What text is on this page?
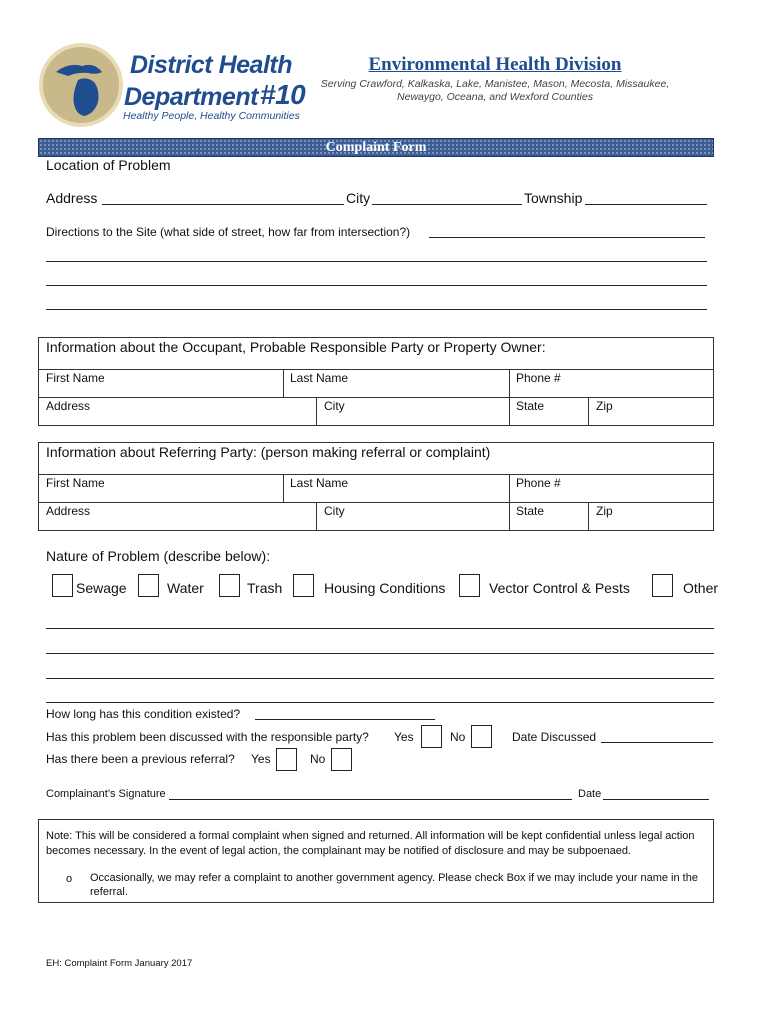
District Health
Department #10
Healthy People, Healthy Communities
Environmental Health Division
Serving Crawford, Kalkaska, Lake, Manistee, Mason, Mecosta, Missaukee,
Newaygo, Oceana, and Wexford Counties
Complaint Form
Location of Problem
Address	City	Township
Directions to the Site (what side of street, how far from intersection?)
Information about the Occupant, Probable Responsible Party or Property Owner:
First Name	Last Name	Phone #
Address	City	State	Zip
Information about Referring Party: (person making referral or complaint)
First Name	Last Name	Phone #
Address	City	State	Zip
Nature of Problem (describe below):
Sewage	Water	Trash	Housing Conditions	Vector Control & Pests	Other
How long has this condition existed?
Has this problem been discussed with the responsible party? Yes	No	Date Discussed
Has there been a previous referral? Yes	No
Complainant’s Signature	Date
Note: This will be considered a formal complaint when signed and returned. All information will be kept confidential unless legal action becomes necessary. In the event of legal action, the complainant may be notified of disclosure and may be subpoenaed.
o Occasionally, we may refer a complaint to another government agency. Please check Box if we may include your name in the referral.
EH: Complaint Form January 2017
